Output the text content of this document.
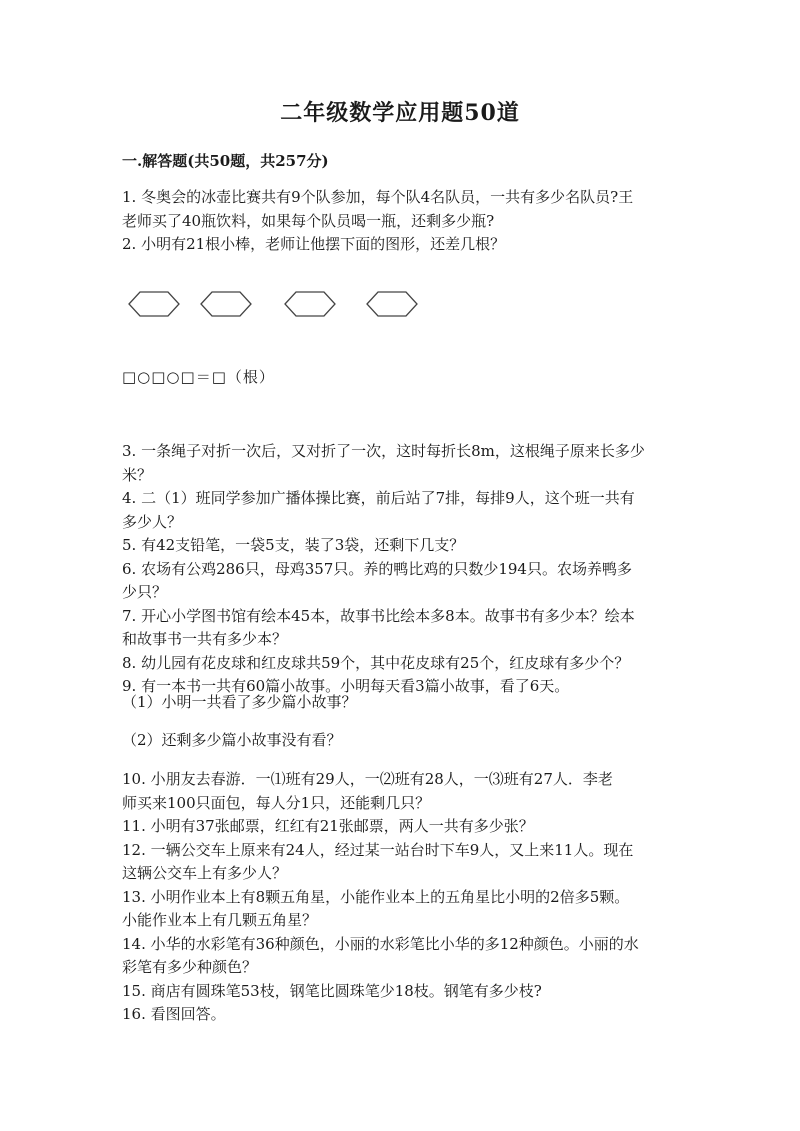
二年级数学应用题50道
一.解答题(共50题，共257分)

1. 冬奥会的冰壶比赛共有9个队参加，每个队4名队员，一共有多少名队员?王

老师买了40瓶饮料，如果每个队员喝一瓶，还剩多少瓶?

2. 小明有21根小棒，老师让他摆下面的图形，还差几根？

□○□○□＝□（根）

3. 一条绳子对折一次后，又对折了一次，这时每折长8m，这根绳子原来长多少

米？

4. 二（1）班同学参加广播体操比赛，前后站了7排，每排9人，这个班一共有

多少人？

5. 有42支铅笔，一袋5支，装了3袋，还剩下几支？

6. 农场有公鸡286只，母鸡357只。养的鸭比鸡的只数少194只。农场养鸭多

少只？

7. 开心小学图书馆有绘本45本，故事书比绘本多8本。故事书有多少本？绘本

和故事书一共有多少本？

8. 幼儿园有花皮球和红皮球共59个，其中花皮球有25个，红皮球有多少个？

9. 有一本书一共有60篇小故事。小明每天看3篇小故事，看了6天。

（1）小明一共看了多少篇小故事？
（2）还剩多少篇小故事没有看？

10. 小朋友去春游．一⑴班有29人，一⑵班有28人，一⑶班有27人．李老

师买来100只面包，每人分1只，还能剩几只？

11. 小明有37张邮票，红红有21张邮票，两人一共有多少张？

12. 一辆公交车上原来有24人，经过某一站台时下车9人，又上来11人。现在

这辆公交车上有多少人？

13. 小明作业本上有8颗五角星，小能作业本上的五角星比小明的2倍多5颗。

小能作业本上有几颗五角星？

14. 小华的水彩笔有36种颜色，小丽的水彩笔比小华的多12种颜色。小丽的水

彩笔有多少种颜色？

15. 商店有圆珠笔53枝，钢笔比圆珠笔少18枝。钢笔有多少枝?

16. 看图回答。
